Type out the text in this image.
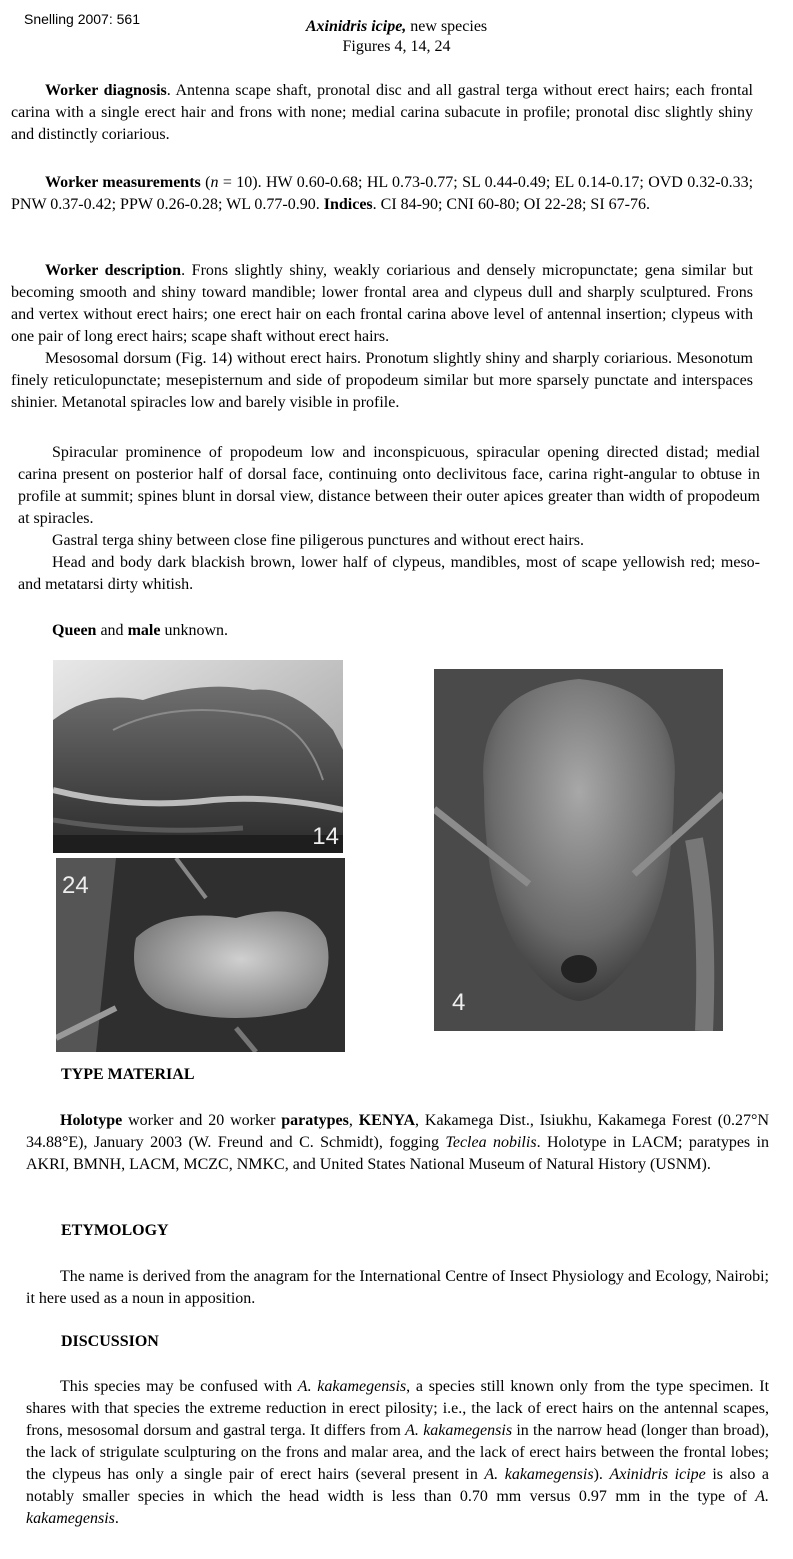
Snelling 2007: 561	Axinidris icipe, new species
Figures 4, 14, 24

Worker diagnosis. Antenna scape shaft, pronotal disc and all gastral terga without erect hairs; each frontal carina with a single erect hair and frons with none; medial carina subacute in profile; pronotal disc slightly shiny and distinctly coriarious.

Worker measurements (n = 10). HW 0.60-0.68; HL 0.73-0.77; SL 0.44-0.49; EL 0.14-0.17; OVD 0.32-0.33; PNW 0.37-0.42; PPW 0.26-0.28; WL 0.77-0.90. Indices. CI 84-90; CNI 60-80; OI 22-28; SI 67-76.

Worker description. Frons slightly shiny, weakly coriarious and densely micropunctate; gena similar but becoming smooth and shiny toward mandible; lower frontal area and clypeus dull and sharply sculptured. Frons and vertex without erect hairs; one erect hair on each frontal carina above level of antennal insertion; clypeus with one pair of long erect hairs; scape shaft without erect hairs.

Mesosomal dorsum (Fig. 14) without erect hairs. Pronotum slightly shiny and sharply coriarious. Mesonotum finely reticulopunctate; mesepisternum and side of propodeum similar but more sparsely punctate and interspaces shinier. Metanotal spiracles low and barely visible in profile.

Spiracular prominence of propodeum low and inconspicuous, spiracular opening directed distad; medial carina present on posterior half of dorsal face, continuing onto declivitous face, carina right-angular to obtuse in profile at summit; spines blunt in dorsal view, distance between their outer apices greater than width of propodeum at spiracles.

Gastral terga shiny between close fine piligerous punctures and without erect hairs.

Head and body dark blackish brown, lower half of clypeus, mandibles, most of scape yellowish red; meso- and metatarsi dirty whitish.

Queen and male unknown.

14
24
4
TYPE MATERIAL

Holotype worker and 20 worker paratypes, KENYA, Kakamega Dist., Isiukhu, Kakamega Forest (0.27°N 34.88°E), January 2003 (W. Freund and C. Schmidt), fogging Teclea nobilis. Holotype in LACM; paratypes in AKRI, BMNH, LACM, MCZC, NMKC, and United States National Museum of Natural History (USNM).

ETYMOLOGY

The name is derived from the anagram for the International Centre of Insect Physiology and Ecology, Nairobi; it here used as a noun in apposition.

DISCUSSION

This species may be confused with A. kakamegensis, a species still known only from the type specimen. It shares with that species the extreme reduction in erect pilosity; i.e., the lack of erect hairs on the antennal scapes, frons, mesosomal dorsum and gastral terga. It differs from A. kakamegensis in the narrow head (longer than broad), the lack of strigulate sculpturing on the frons and malar area, and the lack of erect hairs between the frontal lobes; the clypeus has only a single pair of erect hairs (several present in A. kakamegensis). Axinidris icipe is also a notably smaller species in which the head width is less than 0.70 mm versus 0.97 mm in the type of A. kakamegensis.
